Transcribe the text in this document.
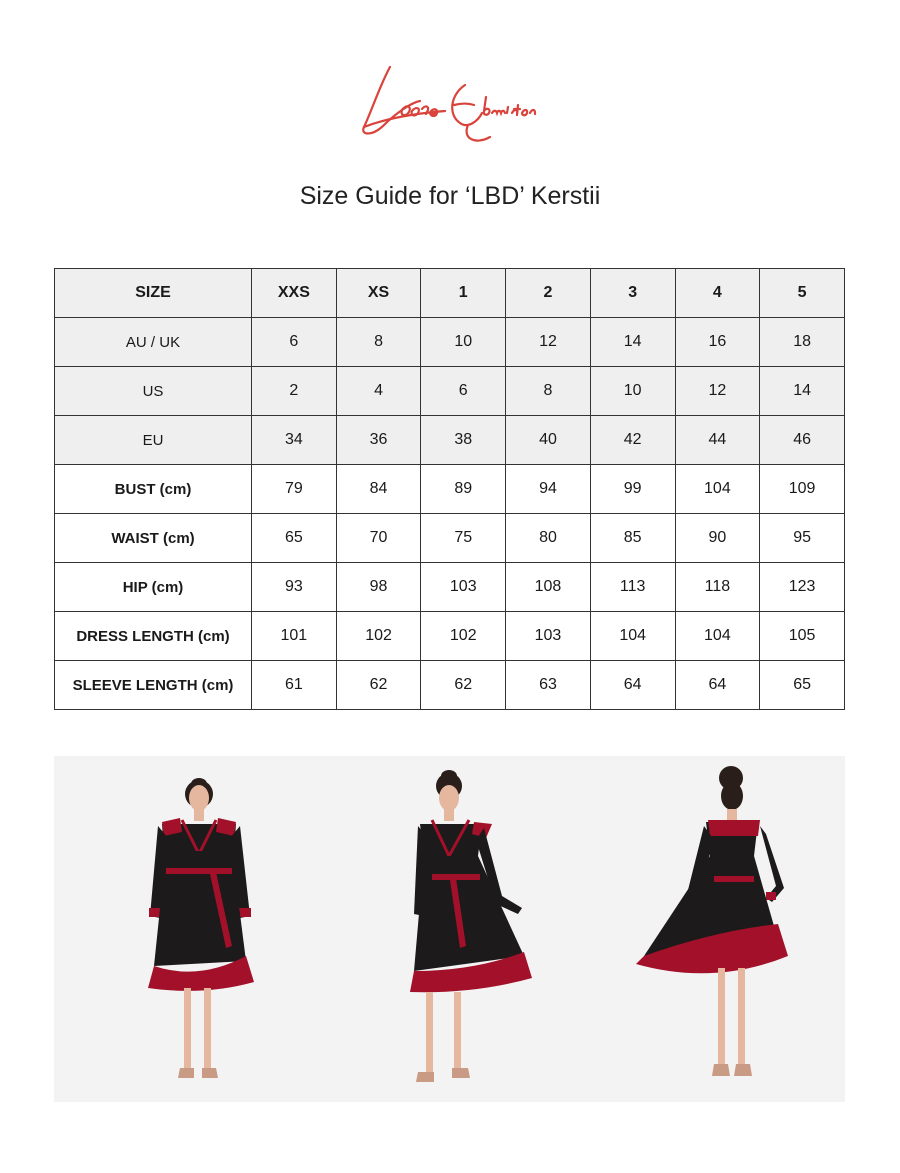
Size Guide for ‘LBD’ Kerstii
SIZE	XXS	XS	1	2	3	4	5
AU / UK	6	8	10	12	14	16	18
US	2	4	6	8	10	12	14
EU	34	36	38	40	42	44	46
BUST (cm)	79	84	89	94	99	104	109
WAIST (cm)	65	70	75	80	85	90	95
HIP (cm)	93	98	103	108	113	118	123
DRESS LENGTH (cm)	101	102	102	103	104	104	105
SLEEVE LENGTH (cm)	61	62	62	63	64	64	65
